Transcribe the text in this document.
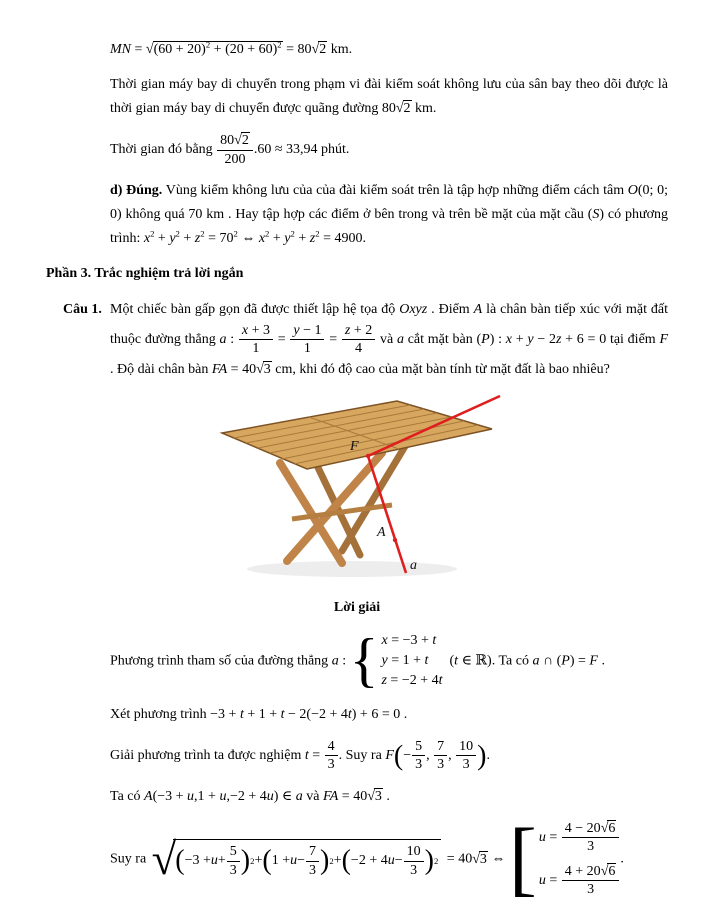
MN = $√(60 + 20)^2 + (20 + 60)^2 = 80√2$ km.
Thời gian máy bay di chuyển trong phạm vi đài kiểm soát không lưu của sân bay theo dõi được là thời gian máy bay di chuyển được quãng đường 80√2 km.
Thời gian đó bằng $\frac{80√2}{200} .60 \approx 33,94$ phút.
d) Đúng. Vùng kiểm không lưu của của đài kiểm soát trên là tập hợp những điểm cách tâm O(0; 0; 0) không quá 70 km . Hay tập hợp các điểm ở bên trong và trên bề mặt của mặt cầu (S) có phương trình: $x^2 + y^2 + z^2 = 70^2$ ⇔ $x^2 + y^2 + z^2 = 4900$.
Phần 3. Trắc nghiệm trả lời ngắn
Câu 1. Một chiếc bàn gấp gọn đã được thiết lập hệ tọa độ Oxyz . Điểm A là chân bàn tiếp xúc với mặt đất thuộc đường thẳng a : $\frac{x + 3}{1} = \frac{y - 1}{1} = \frac{z + 2}{4}$ và a cắt mặt bàn (P) : x + y − 2z + 6 = 0 tại điểm F . Độ dài chân bàn FA = 40√3 cm, khi đó độ cao của mặt bàn tính từ mặt đất là bao nhiêu?
F
A
a
Lời giải
Phương trình tham số của đường thẳng a : { x = −3 + t
y = 1 + t
z = −2 + 4t
(t ∈ ℝ). Ta có a ∩ (P) = F .
Xét phương trình −3 + t + 1 + t − 2(−2 + 4t) + 6 = 0 .
Giải phương trình ta được nghiệm $t = \frac{4}{3}$ . Suy ra $F(- \frac{5}{3}$ , $\frac{7}{3}$ , $\frac{10}{3}$ ).
Ta có A(−3 + u,1 + u,−2 + 4u) ∈ a và FA = 40√3 .
Suy ra √ ( $-3 + u + \frac{5}{3}$ ) 2 + ( $1 + u - \frac{7}{3}$ ) 2 + ( −2 + 4 $u - \frac{10}{3}$ ) 2 = 40√3 ⇔ [ $u = \frac{4 - 20√6}{3}$
$u = \frac{4 + 20√6}{3}$
.
